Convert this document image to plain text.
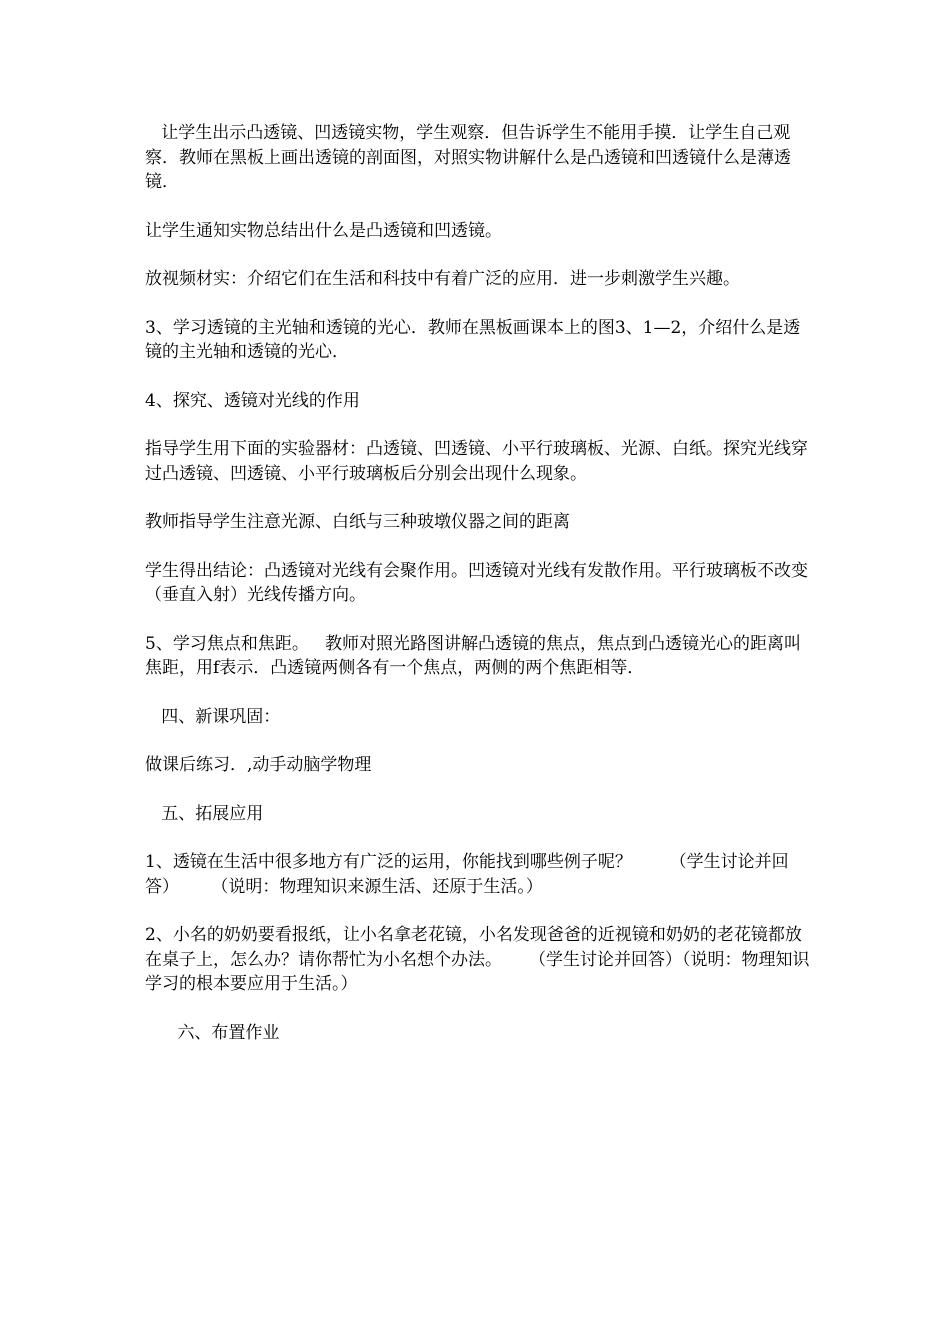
让学生出示凸透镜、凹透镜实物，学生观察．但告诉学生不能用手摸．让学生自己观察．教师在黑板上画出透镜的剖面图，对照实物讲解什么是凸透镜和凹透镜什么是薄透镜．

让学生通知实物总结出什么是凸透镜和凹透镜。

放视频材实：介绍它们在生活和科技中有着广泛的应用．进一步刺激学生兴趣。

3、学习透镜的主光轴和透镜的光心．教师在黑板画课本上的图3、1—2，介绍什么是透镜的主光轴和透镜的光心．

4、探究、透镜对光线的作用

指导学生用下面的实验器材：凸透镜、凹透镜、小平行玻璃板、光源、白纸。探究光线穿过凸透镜、凹透镜、小平行玻璃板后分别会出现什么现象。

教师指导学生注意光源、白纸与三种玻墩仪器之间的距离

学生得出结论：凸透镜对光线有会聚作用。凹透镜对光线有发散作用。平行玻璃板不改变（垂直入射）光线传播方向。

5、学习焦点和焦距。   教师对照光路图讲解凸透镜的焦点，焦点到凸透镜光心的距离叫焦距，用f表示．凸透镜两侧各有一个焦点，两侧的两个焦距相等．

四、新课巩固：

做课后练习．,动手动脑学物理

五、拓展应用

1、透镜在生活中很多地方有广泛的运用，你能找到哪些例子呢？       （学生讨论并回答）      （说明：物理知识来源生活、还原于生活。）

2、小名的奶奶要看报纸，让小名拿老花镜，小名发现爸爸的近视镜和奶奶的老花镜都放在桌子上，怎么办？请你帮忙为小名想个办法。     （学生讨论并回答）（说明：物理知识学习的根本要应用于生活。）

六、布置作业
